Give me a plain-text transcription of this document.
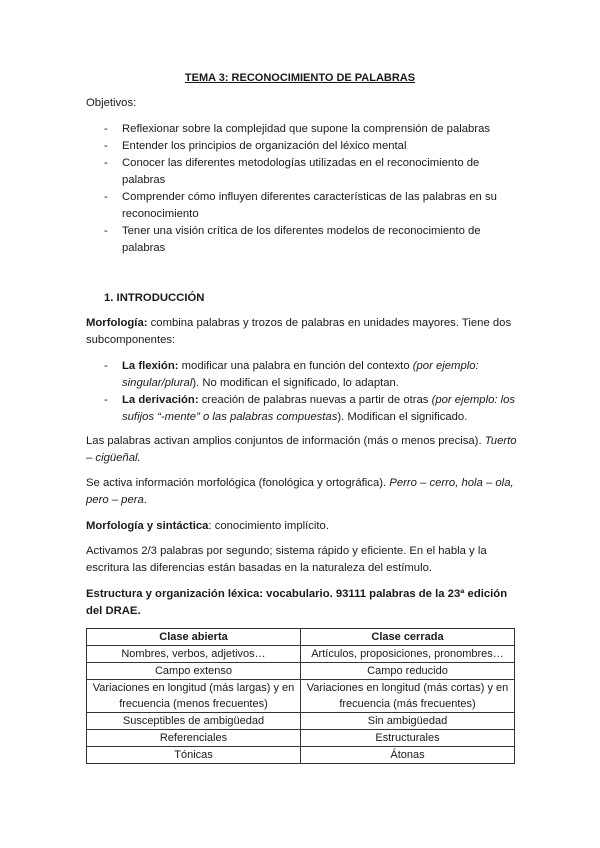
TEMA 3: RECONOCIMIENTO DE PALABRAS
Objetivos:
- Reflexionar sobre la complejidad que supone la comprensión de palabras
- Entender los principios de organización del léxico mental
- Conocer las diferentes metodologías utilizadas en el reconocimiento de palabras
- Comprender cómo influyen diferentes características de las palabras en su reconocimiento
- Tener una visión crítica de los diferentes modelos de reconocimiento de palabras
1. INTRODUCCIÓN
Morfología: combina palabras y trozos de palabras en unidades mayores. Tiene dos subcomponentes:
- La flexión: modificar una palabra en función del contexto (por ejemplo: singular/plural). No modifican el significado, lo adaptan.
- La derivación: creación de palabras nuevas a partir de otras (por ejemplo: los sufijos “-mente” o las palabras compuestas). Modifican el significado.
Las palabras activan amplios conjuntos de información (más o menos precisa). Tuerto – cigüeñal.
Se activa información morfológica (fonológica y ortográfica). Perro – cerro, hola – ola, pero – pera.
Morfología y sintáctica: conocimiento implícito.
Activamos 2/3 palabras por segundo; sistema rápido y eficiente. En el habla y la escritura las diferencias están basadas en la naturaleza del estímulo.
Estructura y organización léxica: vocabulario. 93111 palabras de la 23ª edición del DRAE.
Clase abierta	Clase cerrada
Nombres, verbos, adjetivos…	Artículos, proposiciones, pronombres…
Campo extenso	Campo reducido
Variaciones en longitud (más largas) y en frecuencia (menos frecuentes)	Variaciones en longitud (más cortas) y en frecuencia (más frecuentes)
Susceptibles de ambigüedad	Sin ambigüedad
Referenciales	Estructurales
Tónicas	Átonas
